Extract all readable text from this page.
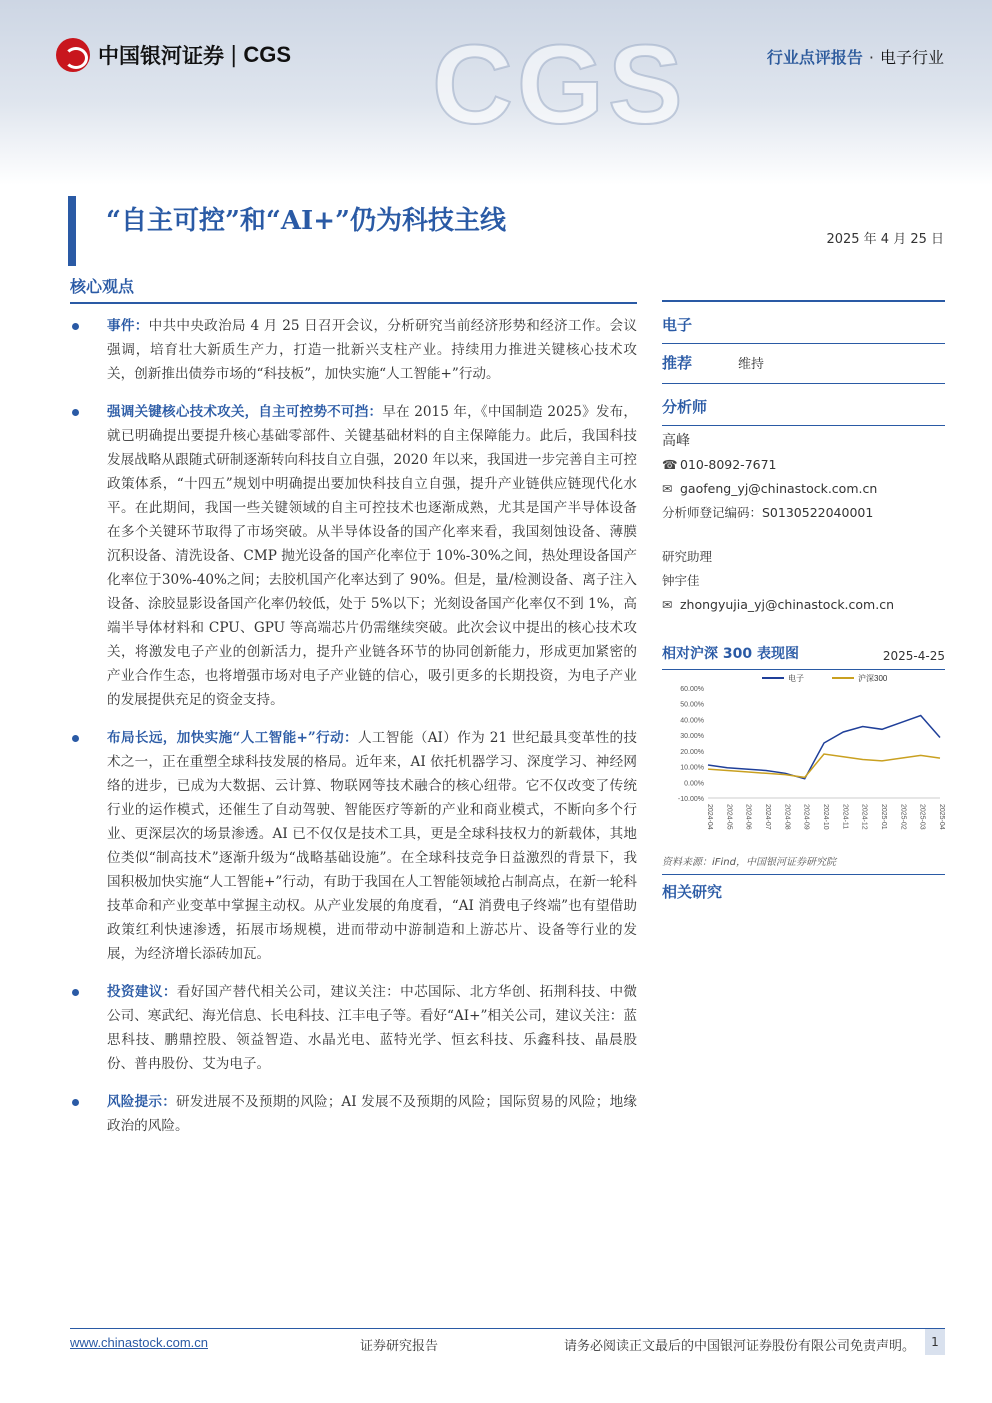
中国银河证券 | CGS CGS	行业点评报告 · 电子行业
“自主可控”和“AI+”仍为科技主线
2025 年 4 月 25 日
核心观点
事件：中共中央政治局 4 月 25 日召开会议，分析研究当前经济形势和经济工作。会议强调，培育壮大新质生产力，打造一批新兴支柱产业。持续用力推进关键核心技术攻关，创新推出债券市场的“科技板”，加快实施“人工智能+”行动。
强调关键核心技术攻关，自主可控势不可挡：早在 2015 年，《中国制造 2025》发布，就已明确提出要提升核心基础零部件、关键基础材料的自主保障能力。此后，我国科技发展战略从跟随式研制逐渐转向科技自立自强，2020 年以来，我国进一步完善自主可控政策体系，“十四五”规划中明确提出要加快科技自立自强，提升产业链供应链现代化水平。在此期间，我国一些关键领域的自主可控技术也逐渐成熟，尤其是国产半导体设备在多个关键环节取得了市场突破。从半导体设备的国产化率来看，我国刻蚀设备、薄膜沉积设备、清洗设备、CMP 抛光设备的国产化率位于 10%-30%之间，热处理设备国产化率位于30%-40%之间；去胶机国产化率达到了 90%。但是，量/检测设备、离子注入设备、涂胶显影设备国产化率仍较低，处于 5%以下；光刻设备国产化率仅不到 1%，高端半导体材料和 CPU、GPU 等高端芯片仍需继续突破。此次会议中提出的核心技术攻关，将激发电子产业的创新活力，提升产业链各环节的协同创新能力，形成更加紧密的产业合作生态，也将增强市场对电子产业链的信心，吸引更多的长期投资，为电子产业的发展提供充足的资金支持。
布局长远，加快实施“人工智能+”行动：人工智能（AI）作为 21 世纪最具变革性的技术之一，正在重塑全球科技发展的格局。近年来，AI 依托机器学习、深度学习、神经网络的进步，已成为大数据、云计算、物联网等技术融合的核心纽带。它不仅改变了传统行业的运作模式，还催生了自动驾驶、智能医疗等新的产业和商业模式，不断向多个行业、更深层次的场景渗透。AI 已不仅仅是技术工具，更是全球科技权力的新载体，其地位类似“制高技术”逐渐升级为“战略基础设施”。在全球科技竞争日益激烈的背景下，我国积极加快实施“人工智能+”行动，有助于我国在人工智能领域抢占制高点，在新一轮科技革命和产业变革中掌握主动权。从产业发展的角度看，“AI 消费电子终端”也有望借助政策红利快速渗透，拓展市场规模，进而带动中游制造和上游芯片、设备等行业的发展，为经济增长添砖加瓦。
投资建议：看好国产替代相关公司，建议关注：中芯国际、北方华创、拓荆科技、中微公司、寒武纪、海光信息、长电科技、江丰电子等。看好“AI+”相关公司，建议关注：蓝思科技、鹏鼎控股、领益智造、水晶光电、蓝特光学、恒玄科技、乐鑫科技、晶晨股份、普冉股份、艾为电子。
风险提示：研发进展不及预期的风险；AI 发展不及预期的风险；国际贸易的风险；地缘政治的风险。
电子
推荐	维持
分析师
高峰
☎ 010-8092-7671
✉ gaofeng_yj@chinastock.com.cn
分析师登记编码：S0130522040001
研究助理
钟宇佳
✉ zhongyujia_yj@chinastock.com.cn
相对沪深 300 表现图	2025-4-25
60.00%
50.00%
40.00%
30.00%
20.00%
10.00%
0.00%
-10.00%
2024-04 2024-05 2024-06 2024-07 2024-08 2024-09 2024-10 2024-11 2024-12 2025-01 2025-02 2025-03 2025-04
电子	沪深300
资料来源：iFind，中国银河证券研究院
相关研究
www.chinastock.com.cn	证券研究报告	请务必阅读正文最后的中国银河证券股份有限公司免责声明。	1
